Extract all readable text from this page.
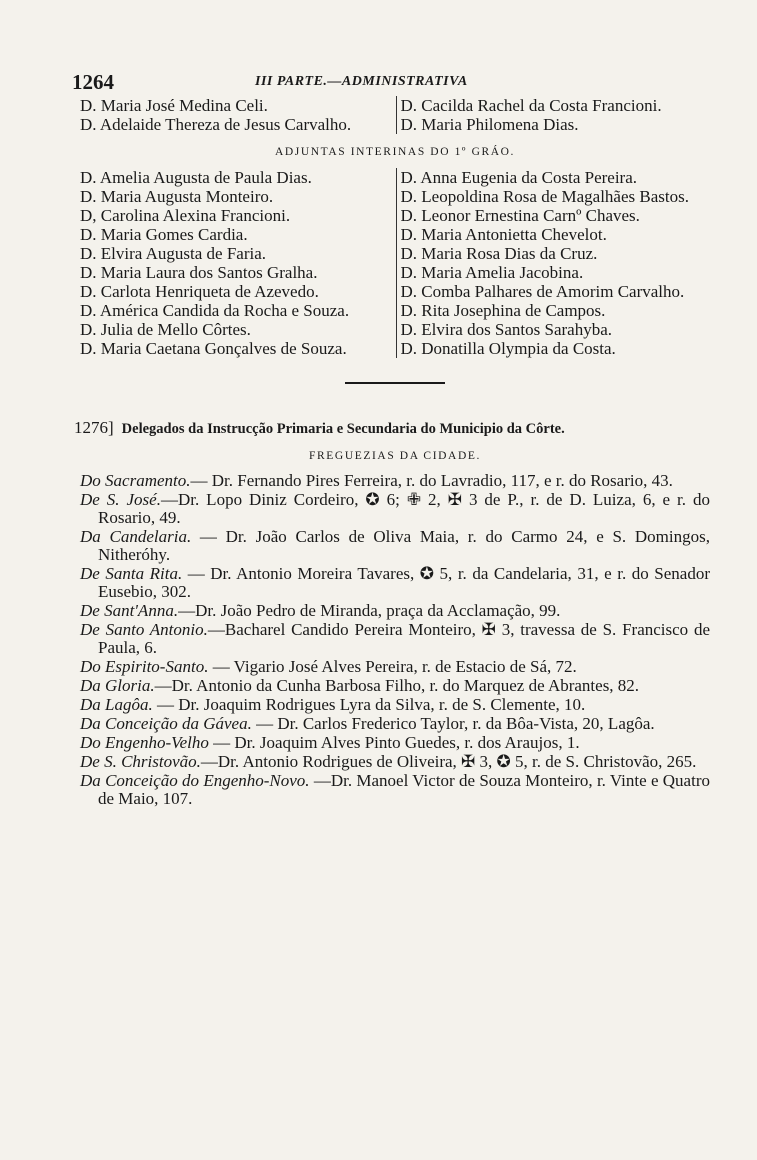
1264	III PARTE.—ADMINISTRATIVA
D. Maria José Medina Celi.
D. Adelaide Thereza de Jesus Carvalho.
D. Cacilda Rachel da Costa Francioni.
D. Maria Philomena Dias.
ADJUNTAS INTERINAS DO 1º GRÁO.
D. Amelia Augusta de Paula Dias.
D. Maria Augusta Monteiro.
D, Carolina Alexina Francioni.
D. Maria Gomes Cardia.
D. Elvira Augusta de Faria.
D. Maria Laura dos Santos Gralha.
D. Carlota Henriqueta de Azevedo.
D. América Candida da Rocha e Souza.
D. Julia de Mello Côrtes.
D. Maria Caetana Gonçalves de Souza.
D. Anna Eugenia da Costa Pereira.
D. Leopoldina Rosa de Magalhães Bastos.
D. Leonor Ernestina Carnº Chaves.
D. Maria Antonietta Chevelot.
D. Maria Rosa Dias da Cruz.
D. Maria Amelia Jacobina.
D. Comba Palhares de Amorim Carvalho.
D. Rita Josephina de Campos.
D. Elvira dos Santos Sarahyba.
D. Donatilla Olympia da Costa.
1276] Delegados da Instrucção Primaria e Secundaria do Municipio da Côrte.
FREGUEZIAS DA CIDADE.
Do Sacramento.— Dr. Fernando Pires Ferreira, r. do Lavradio, 117, e r. do Rosario, 43.
De S. José.—Dr. Lopo Diniz Cordeiro, ✪ 6; ✙ 2, ✠ 3 de P., r. de D. Luiza, 6, e r. do Rosario, 49.
Da Candelaria. — Dr. João Carlos de Oliva Maia, r. do Carmo 24, e S. Domingos, Nitheróhy.
De Santa Rita. — Dr. Antonio Moreira Tavares, ✪ 5, r. da Candelaria, 31, e r. do Senador Eusebio, 302.
De Sant'Anna.—Dr. João Pedro de Miranda, praça da Acclamação, 99.
De Santo Antonio.—Bacharel Candido Pereira Monteiro, ✠ 3, travessa de S. Francisco de Paula, 6.
Do Espirito-Santo. — Vigario José Alves Pereira, r. de Estacio de Sá, 72.
Da Gloria.—Dr. Antonio da Cunha Barbosa Filho, r. do Marquez de Abrantes, 82.
Da Lagôa. — Dr. Joaquim Rodrigues Lyra da Silva, r. de S. Clemente, 10.
Da Conceição da Gávea. — Dr. Carlos Frederico Taylor, r. da Bôa-Vista, 20, Lagôa.
Do Engenho-Velho — Dr. Joaquim Alves Pinto Guedes, r. dos Araujos, 1.
De S. Christovão.—Dr. Antonio Rodrigues de Oliveira, ✠ 3, ✪ 5, r. de S. Christovão, 265.
Da Conceição do Engenho-Novo. —Dr. Manoel Victor de Souza Monteiro, r. Vinte e Quatro de Maio, 107.
